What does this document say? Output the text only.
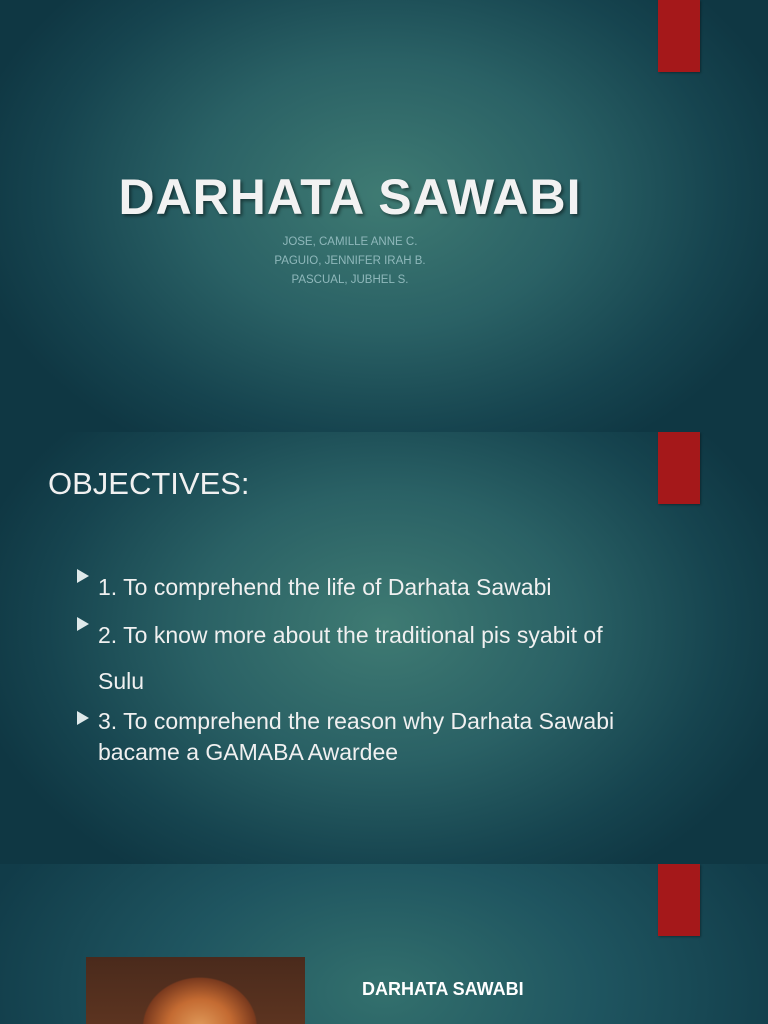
DARHATA SAWABI
JOSE, CAMILLE ANNE C.
PAGUIO, JENNIFER IRAH B.
PASCUAL, JUBHEL S.
OBJECTIVES:
1. To comprehend the life of Darhata Sawabi
2. To know more about the traditional pis syabit of Sulu
3. To comprehend the reason why Darhata Sawabi bacame a GAMABA Awardee
DARHATA SAWABI
